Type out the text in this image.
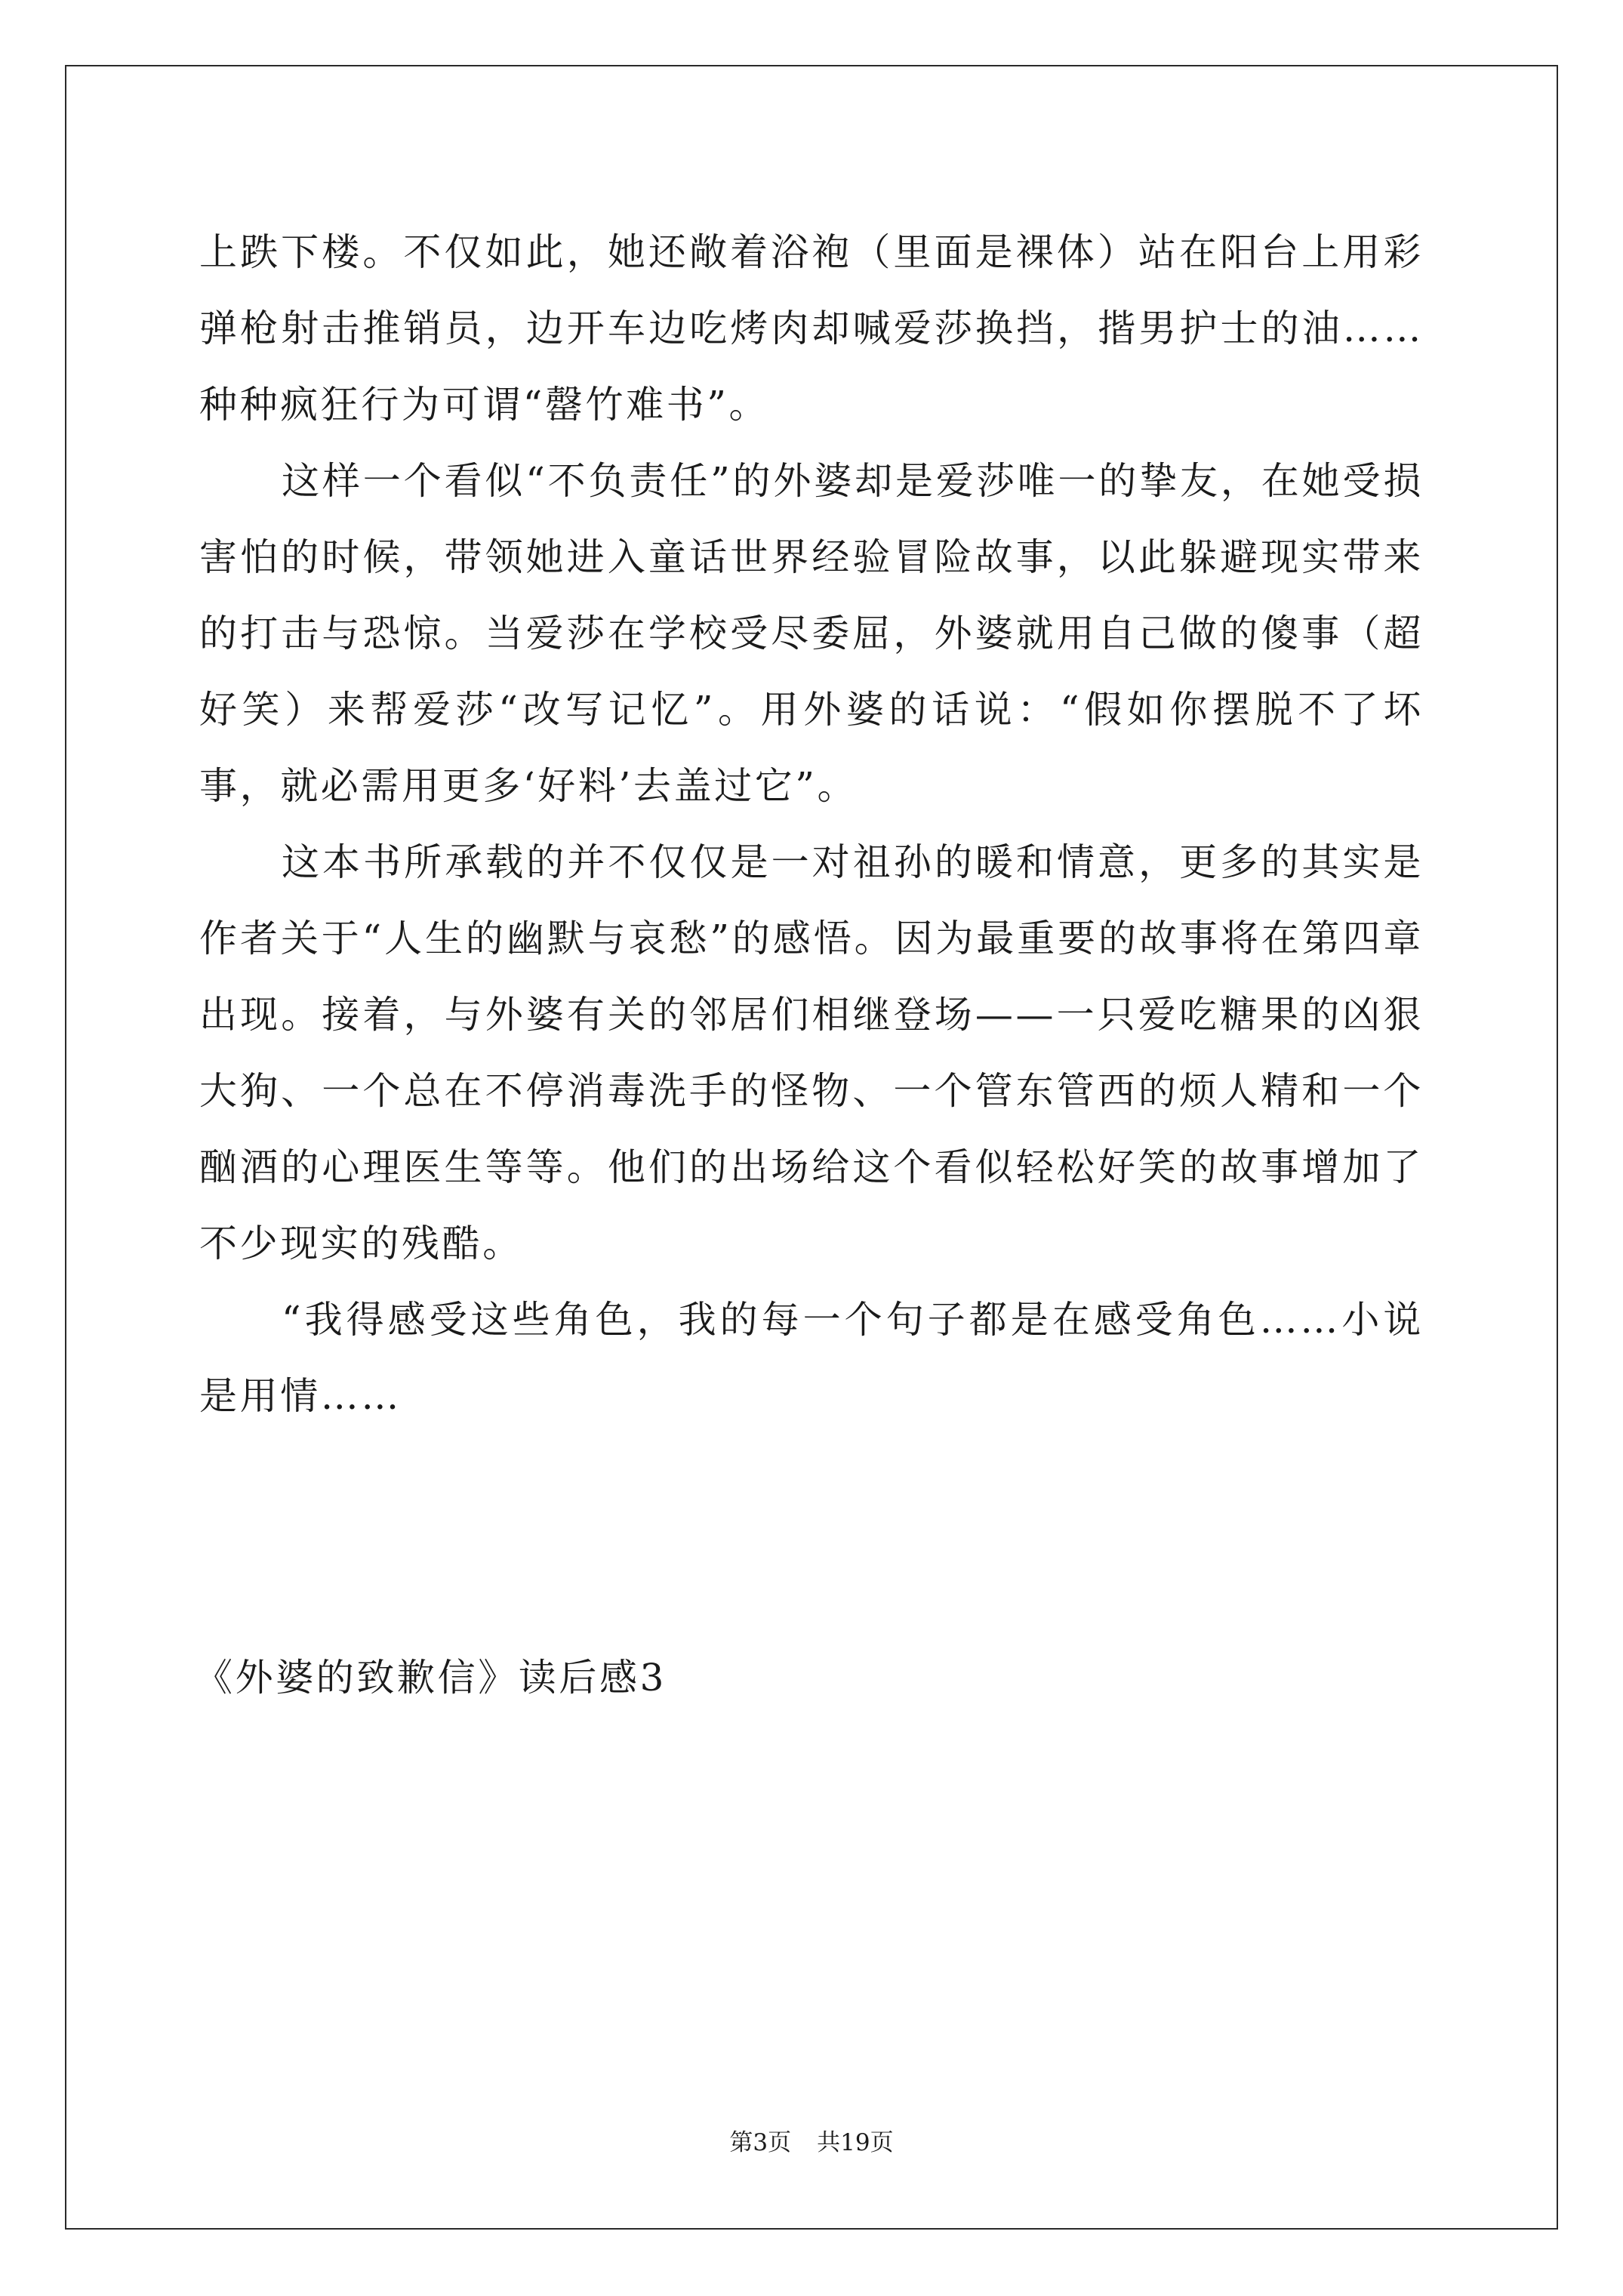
上跌下楼。不仅如此，她还敞着浴袍（里面是裸体）站在阳台上用彩弹枪射击推销员，边开车边吃烤肉却喊爱莎换挡，揩男护士的油……种种疯狂行为可谓“罄竹难书”。

这样一个看似“不负责任”的外婆却是爱莎唯一的挚友，在她受损害怕的时候，带领她进入童话世界经验冒险故事，以此躲避现实带来的打击与恐惊。当爱莎在学校受尽委屈，外婆就用自己做的傻事（超好笑）来帮爱莎“改写记忆”。用外婆的话说：“假如你摆脱不了坏事，就必需用更多‘好料’去盖过它”。

这本书所承载的并不仅仅是一对祖孙的暖和情意，更多的其实是作者关于“人生的幽默与哀愁”的感悟。因为最重要的故事将在第四章出现。接着，与外婆有关的邻居们相继登场——一只爱吃糖果的凶狠大狗、一个总在不停消毒洗手的怪物、一个管东管西的烦人精和一个酗酒的心理医生等等。他们的出场给这个看似轻松好笑的故事增加了不少现实的残酷。

“我得感受这些角色，我的每一个句子都是在感受角色……小说是用情……

《外婆的致歉信》读后感3

第3页 共19页
